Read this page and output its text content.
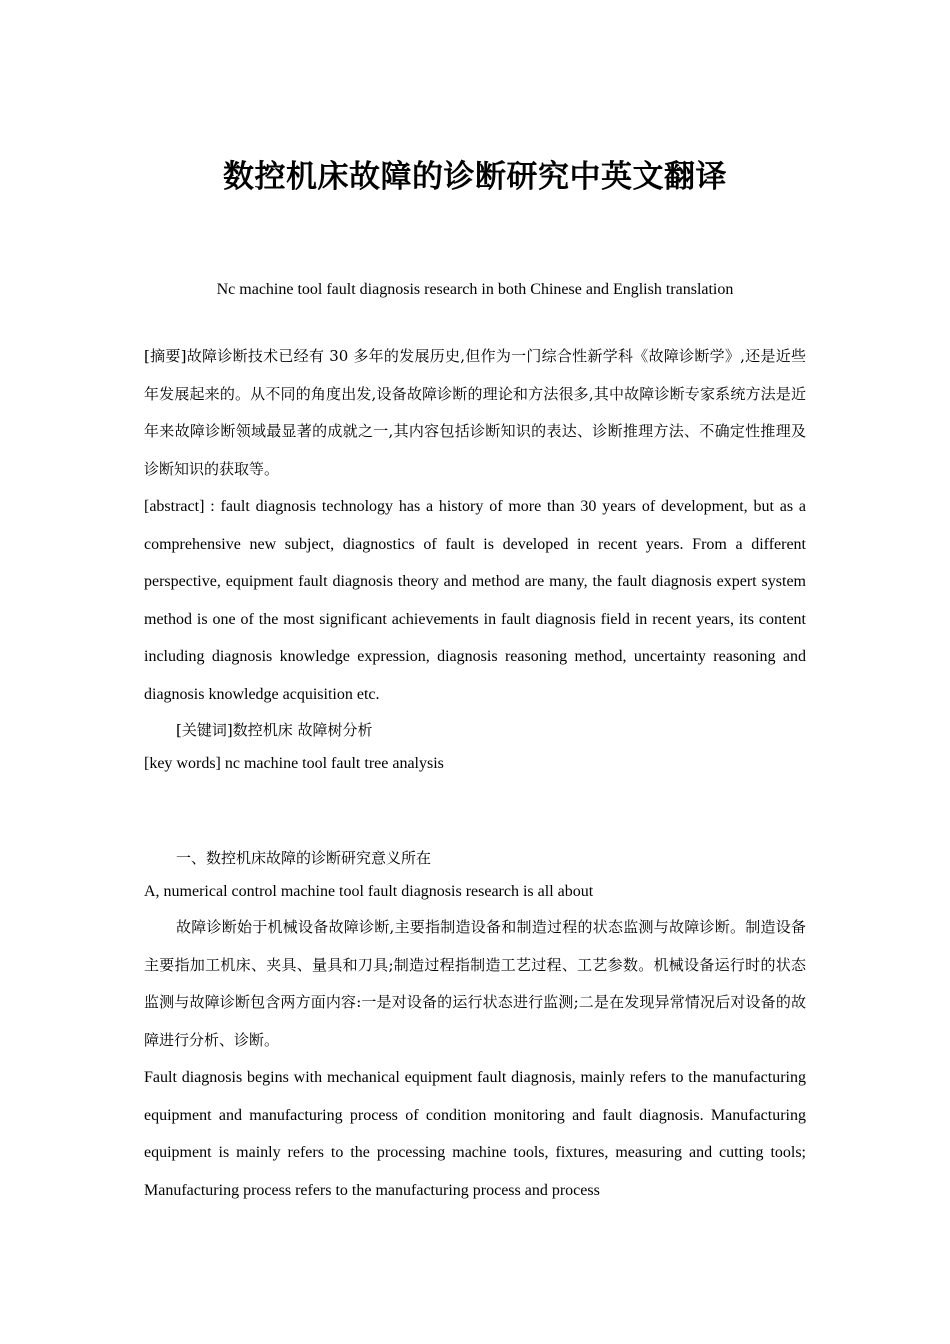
数控机床故障的诊断研究中英文翻译
Nc machine tool fault diagnosis research in both Chinese and English translation

[摘要]故障诊断技术已经有 30 多年的发展历史,但作为一门综合性新学科《故障诊断学》,还是近些年发展起来的。从不同的角度出发,设备故障诊断的理论和方法很多,其中故障诊断专家系统方法是近年来故障诊断领域最显著的成就之一,其内容包括诊断知识的表达、诊断推理方法、不确定性推理及诊断知识的获取等。

[abstract] : fault diagnosis technology has a history of more than 30 years of development, but as a comprehensive new subject, diagnostics of fault is developed in recent years. From a different perspective, equipment fault diagnosis theory and method are many, the fault diagnosis expert system method is one of the most significant achievements in fault diagnosis field in recent years, its content including diagnosis knowledge expression, diagnosis reasoning method, uncertainty reasoning and diagnosis knowledge acquisition etc.

[关键词]数控机床 故障树分析

[key words] nc machine tool fault tree analysis

一、数控机床故障的诊断研究意义所在

A, numerical control machine tool fault diagnosis research is all about

故障诊断始于机械设备故障诊断,主要指制造设备和制造过程的状态监测与故障诊断。制造设备主要指加工机床、夹具、量具和刀具;制造过程指制造工艺过程、工艺参数。机械设备运行时的状态监测与故障诊断包含两方面内容:一是对设备的运行状态进行监测;二是在发现异常情况后对设备的故障进行分析、诊断。

Fault diagnosis begins with mechanical equipment fault diagnosis, mainly refers to the manufacturing equipment and manufacturing process of condition monitoring and fault diagnosis. Manufacturing equipment is mainly refers to the processing machine tools, fixtures, measuring and cutting tools; Manufacturing process refers to the manufacturing process and process
